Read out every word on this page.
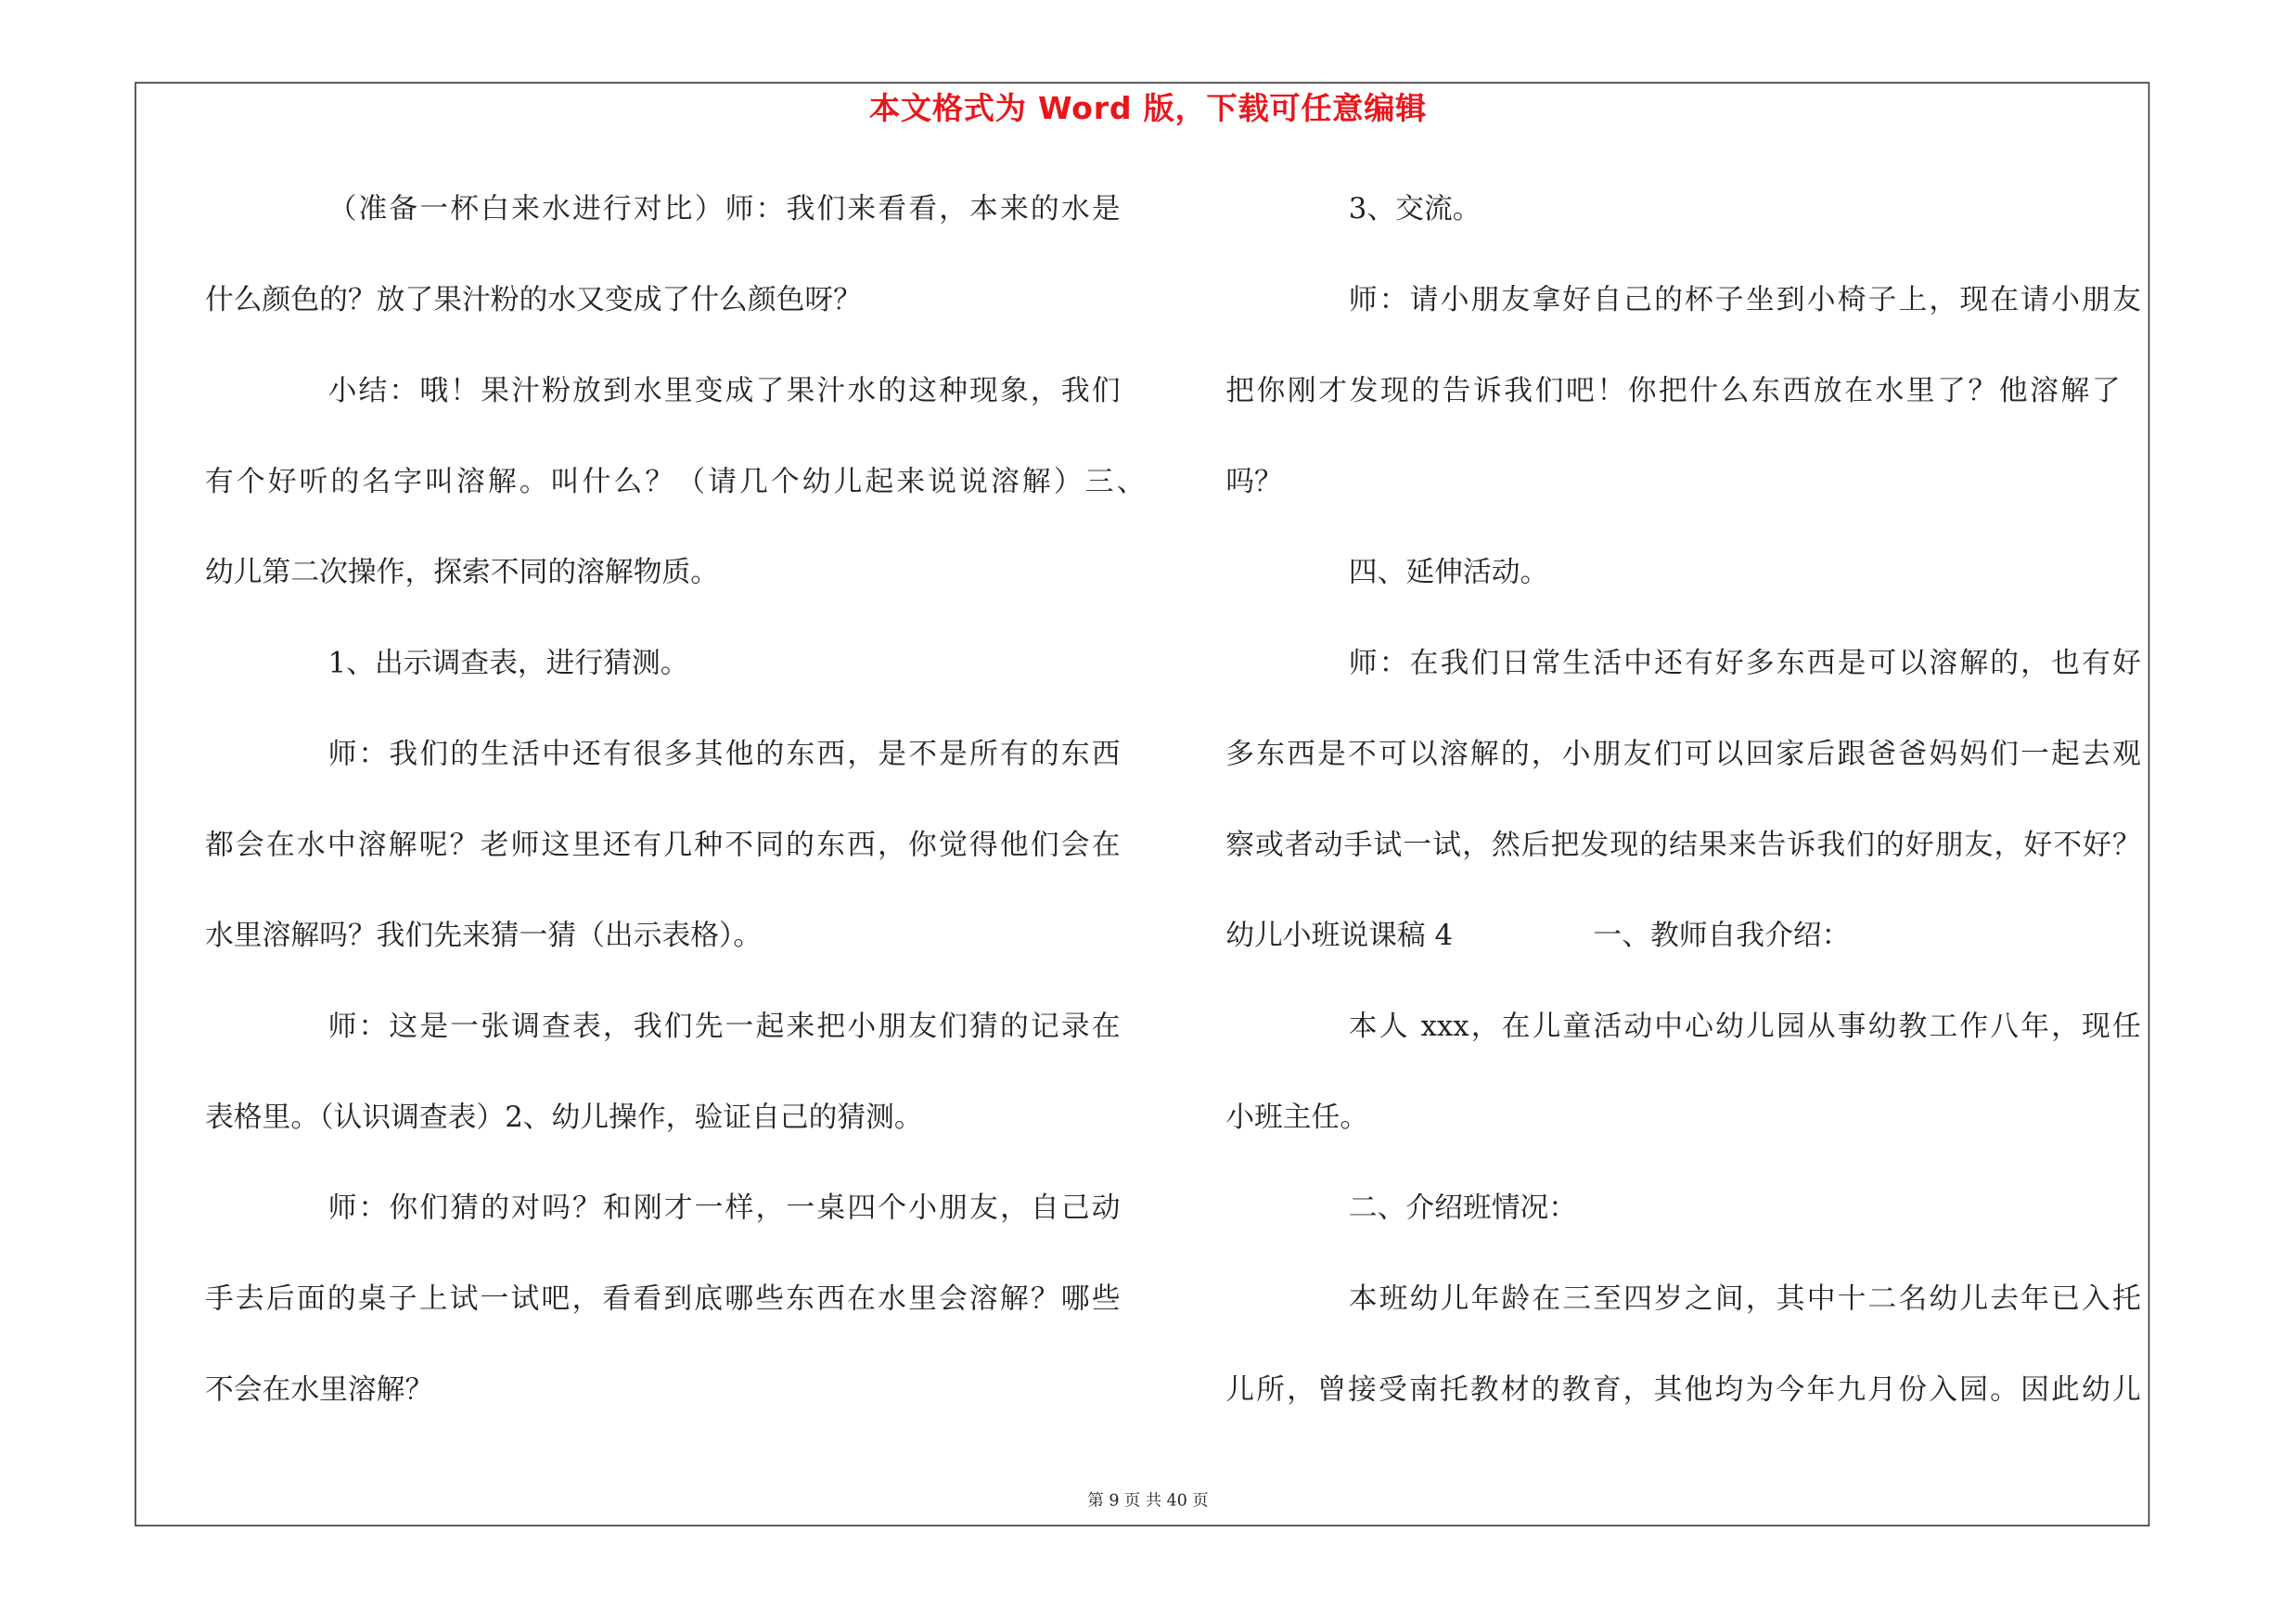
本文格式为 Word 版，下载可任意编辑
（准备一杯白来水进行对比）师：我们来看看，本来的水是
什么颜色的？放了果汁粉的水又变成了什么颜色呀？
小结：哦！果汁粉放到水里变成了果汁水的这种现象，我们
有个好听的名字叫溶解。叫什么？（请几个幼儿起来说说溶解）三、
幼儿第二次操作，探索不同的溶解物质。
1、出示调查表，进行猜测。
师：我们的生活中还有很多其他的东西，是不是所有的东西
都会在水中溶解呢？老师这里还有几种不同的东西，你觉得他们会在
水里溶解吗？我们先来猜一猜（出示表格）。
师：这是一张调查表，我们先一起来把小朋友们猜的记录在
表格里。（认识调查表）2、幼儿操作，验证自己的猜测。
师：你们猜的对吗？和刚才一样，一桌四个小朋友，自己动
手去后面的桌子上试一试吧，看看到底哪些东西在水里会溶解？哪些
不会在水里溶解？
3、交流。
师：请小朋友拿好自己的杯子坐到小椅子上，现在请小朋友
把你刚才发现的告诉我们吧！你把什么东西放在水里了？他溶解了
吗？
四、延伸活动。
师：在我们日常生活中还有好多东西是可以溶解的，也有好
多东西是不可以溶解的，小朋友们可以回家后跟爸爸妈妈们一起去观
察或者动手试一试，然后把发现的结果来告诉我们的好朋友，好不好？
幼儿小班说课稿 4	一、教师自我介绍：
本人 xxx，在儿童活动中心幼儿园从事幼教工作八年，现任
小班主任。
二、介绍班情况：
本班幼儿年龄在三至四岁之间，其中十二名幼儿去年已入托
儿所，曾接受南托教材的教育，其他均为今年九月份入园。因此幼儿
第 9 页 共 40 页
